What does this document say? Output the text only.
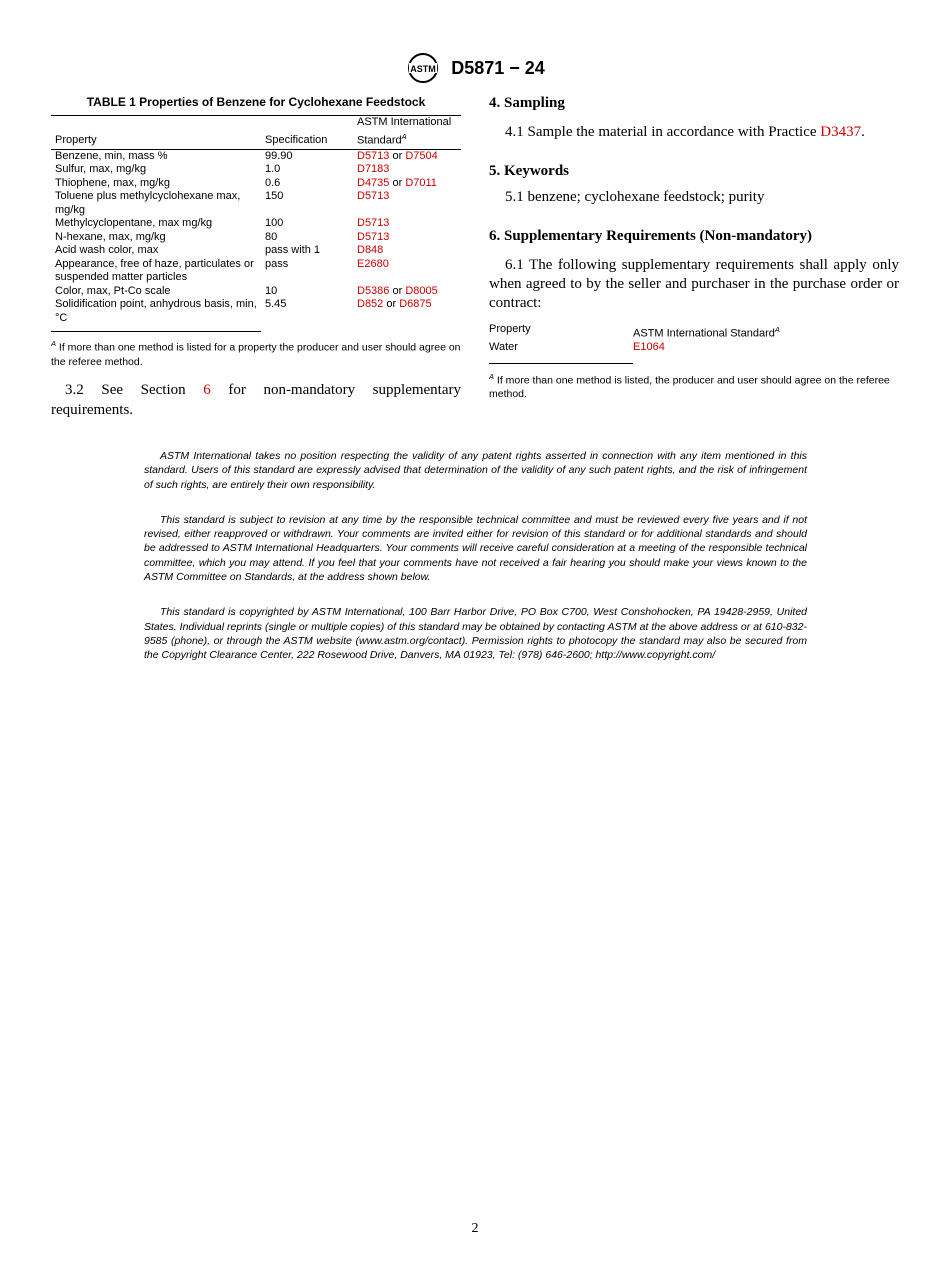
ASTM D5871 − 24
TABLE 1 Properties of Benzene for Cyclohexane Feedstock
Property	Specification	ASTM International Standard$^A$
Benzene, min, mass %	99.90	D5713 or D7504
Sulfur, max, mg/kg	1.0	D7183
Thiophene, max, mg/kg	0.6	D4735 or D7011
Toluene plus methylcyclohexane max, mg/kg	150	D5713
Methylcyclopentane, max mg/kg	100	D5713
N-hexane, max, mg/kg	80	D5713
Acid wash color, max	pass with 1	D848
Appearance, free of haze, particulates or suspended matter particles	pass	E2680
Color, max, Pt-Co scale	10	D5386 or D8005
Solidification point, anhydrous basis, min,°C	5.45	D852 or D6875
$^A$ If more than one method is listed for a property the producer and user should agree on the referee method.

3.2 See Section 6 for non-mandatory supplementary requirements.

4. Sampling

4.1 Sample the material in accordance with Practice D3437.

5. Keywords

5.1 benzene; cyclohexane feedstock; purity

6. Supplementary Requirements (Non-mandatory)

6.1 The following supplementary requirements shall apply only when agreed to by the seller and purchaser in the purchase order or contract:

Property	ASTM International Standard$^A$
Water	E1064
$^A$ If more than one method is listed, the producer and user should agree on the referee method.

ASTM International takes no position respecting the validity of any patent rights asserted in connection with any item mentioned in this standard. Users of this standard are expressly advised that determination of the validity of any such patent rights, and the risk of infringement of such rights, are entirely their own responsibility.

This standard is subject to revision at any time by the responsible technical committee and must be reviewed every five years and if not revised, either reapproved or withdrawn. Your comments are invited either for revision of this standard or for additional standards and should be addressed to ASTM International Headquarters. Your comments will receive careful consideration at a meeting of the responsible technical committee, which you may attend. If you feel that your comments have not received a fair hearing you should make your views known to the ASTM Committee on Standards, at the address shown below.

This standard is copyrighted by ASTM International, 100 Barr Harbor Drive, PO Box C700, West Conshohocken, PA 19428-2959, United States. Individual reprints (single or multiple copies) of this standard may be obtained by contacting ASTM at the above address or at 610-832-9585 (phone), or through the ASTM website (www.astm.org/contact). Permission rights to photocopy the standard may also be secured from the Copyright Clearance Center, 222 Rosewood Drive, Danvers, MA 01923, Tel: (978) 646-2600; http://www.copyright.com/

2
